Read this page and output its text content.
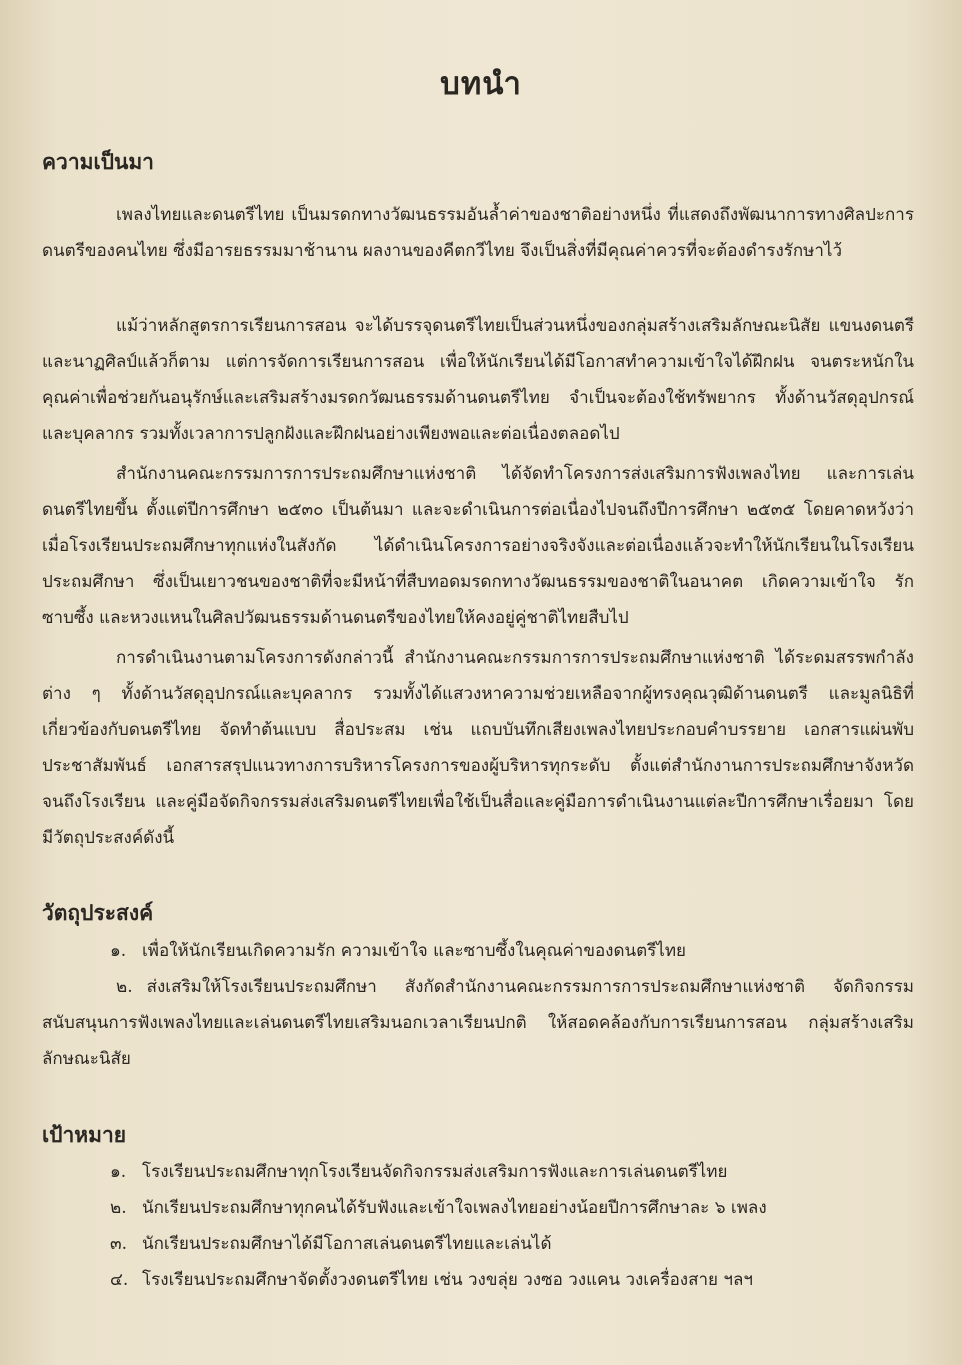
บทนำ
ความเป็นมา

เพลงไทยและดนตรีไทย เป็นมรดกทางวัฒนธรรมอันล้ำค่าของชาติอย่างหนึ่ง ที่แสดงถึงพัฒนาการทางศิลปะการดนตรีของคนไทย ซึ่งมีอารยธรรมมาช้านาน ผลงานของคีตกวีไทย จึงเป็นสิ่งที่มีคุณค่าควรที่จะต้องดำรงรักษาไว้

แม้ว่าหลักสูตรการเรียนการสอน จะได้บรรจุดนตรีไทยเป็นส่วนหนึ่งของกลุ่มสร้างเสริมลักษณะนิสัย แขนงดนตรีและนาฏศิลป์แล้วก็ตาม แต่การจัดการเรียนการสอน เพื่อให้นักเรียนได้มีโอกาสทำความเข้าใจได้ฝึกฝน จนตระหนักในคุณค่าเพื่อช่วยกันอนุรักษ์และเสริมสร้างมรดกวัฒนธรรมด้านดนตรีไทย จำเป็นจะต้องใช้ทรัพยากร ทั้งด้านวัสดุอุปกรณ์และบุคลากร รวมทั้งเวลาการปลูกฝังและฝึกฝนอย่างเพียงพอและต่อเนื่องตลอดไป

สำนักงานคณะกรรมการการประถมศึกษาแห่งชาติ ได้จัดทำโครงการส่งเสริมการฟังเพลงไทย และการเล่นดนตรีไทยขึ้น ตั้งแต่ปีการศึกษา ๒๕๓๐ เป็นต้นมา และจะดำเนินการต่อเนื่องไปจนถึงปีการศึกษา ๒๕๓๕ โดยคาดหวังว่าเมื่อโรงเรียนประถมศึกษาทุกแห่งในสังกัด ได้ดำเนินโครงการอย่างจริงจังและต่อเนื่องแล้วจะทำให้นักเรียนในโรงเรียนประถมศึกษา ซึ่งเป็นเยาวชนของชาติที่จะมีหน้าที่สืบทอดมรดกทางวัฒนธรรมของชาติในอนาคต เกิดความเข้าใจ รัก ซาบซึ้ง และหวงแหนในศิลปวัฒนธรรมด้านดนตรีของไทยให้คงอยู่คู่ชาติไทยสืบไป

การดำเนินงานตามโครงการดังกล่าวนี้ สำนักงานคณะกรรมการการประถมศึกษาแห่งชาติ ได้ระดมสรรพกำลังต่าง ๆ ทั้งด้านวัสดุอุปกรณ์และบุคลากร รวมทั้งได้แสวงหาความช่วยเหลือจากผู้ทรงคุณวุฒิด้านดนตรี และมูลนิธิที่เกี่ยวข้องกับดนตรีไทย จัดทำต้นแบบ สื่อประสม เช่น แถบบันทึกเสียงเพลงไทยประกอบคำบรรยาย เอกสารแผ่นพับประชาสัมพันธ์ เอกสารสรุปแนวทางการบริหารโครงการของผู้บริหารทุกระดับ ตั้งแต่สำนักงานการประถมศึกษาจังหวัด จนถึงโรงเรียน และคู่มือจัดกิจกรรมส่งเสริมดนตรีไทยเพื่อใช้เป็นสื่อและคู่มือการดำเนินงานแต่ละปีการศึกษาเรื่อยมา โดยมีวัตถุประสงค์ดังนี้

วัตถุประสงค์
๑. เพื่อให้นักเรียนเกิดความรัก ความเข้าใจ และซาบซึ้งในคุณค่าของดนตรีไทย

๒. ส่งเสริมให้โรงเรียนประถมศึกษา สังกัดสำนักงานคณะกรรมการการประถมศึกษาแห่งชาติ จัดกิจกรรมสนับสนุนการฟังเพลงไทยและเล่นดนตรีไทยเสริมนอกเวลาเรียนปกติ ให้สอดคล้องกับการเรียนการสอน กลุ่มสร้างเสริมลักษณะนิสัย

เป้าหมาย
๑. โรงเรียนประถมศึกษาทุกโรงเรียนจัดกิจกรรมส่งเสริมการฟังและการเล่นดนตรีไทย
๒. นักเรียนประถมศึกษาทุกคนได้รับฟังและเข้าใจเพลงไทยอย่างน้อยปีการศึกษาละ ๖ เพลง
๓. นักเรียนประถมศึกษาได้มีโอกาสเล่นดนตรีไทยและเล่นได้
๔. โรงเรียนประถมศึกษาจัดตั้งวงดนตรีไทย เช่น วงขลุ่ย วงซอ วงแคน วงเครื่องสาย ฯลฯ
